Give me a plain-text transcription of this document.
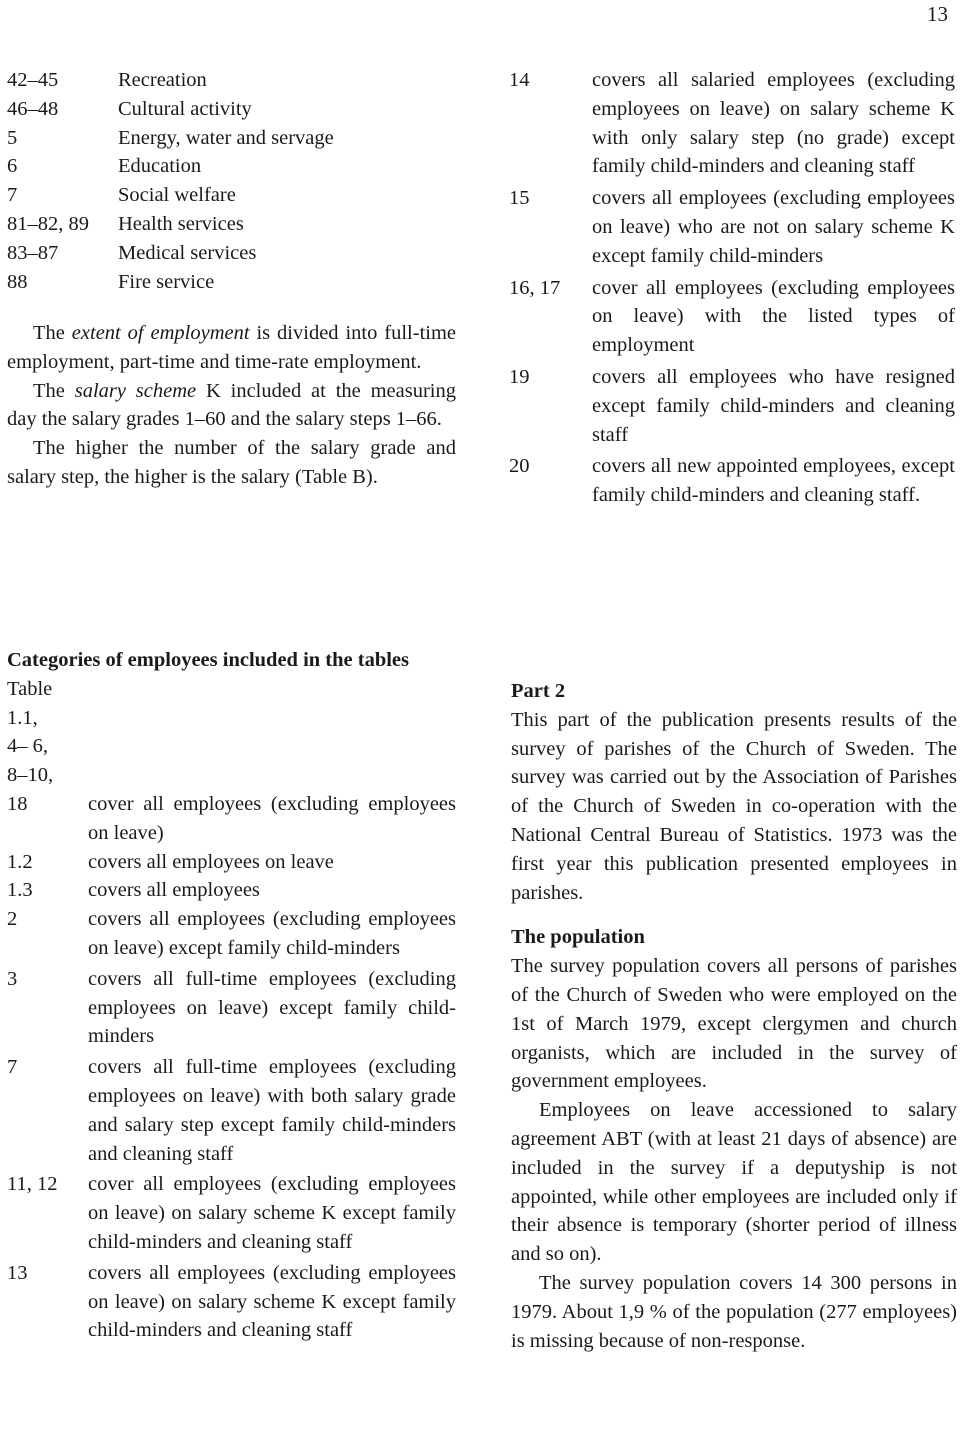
13
42–45	Recreation
46–48	Cultural activity
5	Energy, water and servage
6	Education
7	Social welfare
81–82, 89	Health services
83–87	Medical services
88	Fire service

The extent of employment is divided into full-time employment, part-time and time-rate employment.

The salary scheme K included at the measuring day the salary grades 1–60 and the salary steps 1–66.

The higher the number of the salary grade and salary step, the higher is the salary (Table B).

14	covers all salaried employees (excluding employees on leave) on salary scheme K with only salary step (no grade) except family child-minders and cleaning staff
15	covers all employees (excluding employees on leave) who are not on salary scheme K except family child-minders
16, 17	cover all employees (excluding employees on leave) with the listed types of employment
19	covers all employees who have resigned except family child-minders and cleaning staff
20	covers all new appointed employees, except family child-minders and cleaning staff.

Categories of employees included in the tables

Table
1.1,
4– 6,
8–10,
18	cover all employees (excluding employees on leave)
1.2	covers all employees on leave
1.3	covers all employees
2	covers all employees (excluding employees on leave) except family child-minders
3	covers all full-time employees (excluding employees on leave) except family child-minders
7	covers all full-time employees (excluding employees on leave) with both salary grade and salary step except family child-minders and cleaning staff
11, 12	cover all employees (excluding employees on leave) on salary scheme K except family child-minders and cleaning staff
13	covers all employees (excluding employees on leave) on salary scheme K except family child-minders and cleaning staff
Part 2

This part of the publication presents results of the survey of parishes of the Church of Sweden. The survey was carried out by the Association of Parishes of the Church of Sweden in co-operation with the National Central Bureau of Statistics. 1973 was the first year this publication presented employees in parishes.

The population

The survey population covers all persons of parishes of the Church of Sweden who were employed on the 1st of March 1979, except clergymen and church organists, which are included in the survey of government employees.

Employees on leave accessioned to salary agreement ABT (with at least 21 days of absence) are included in the survey if a deputyship is not appointed, while other employees are included only if their absence is temporary (shorter period of illness and so on).

The survey population covers 14 300 persons in 1979. About 1,9 % of the population (277 employees) is missing because of non-response.
